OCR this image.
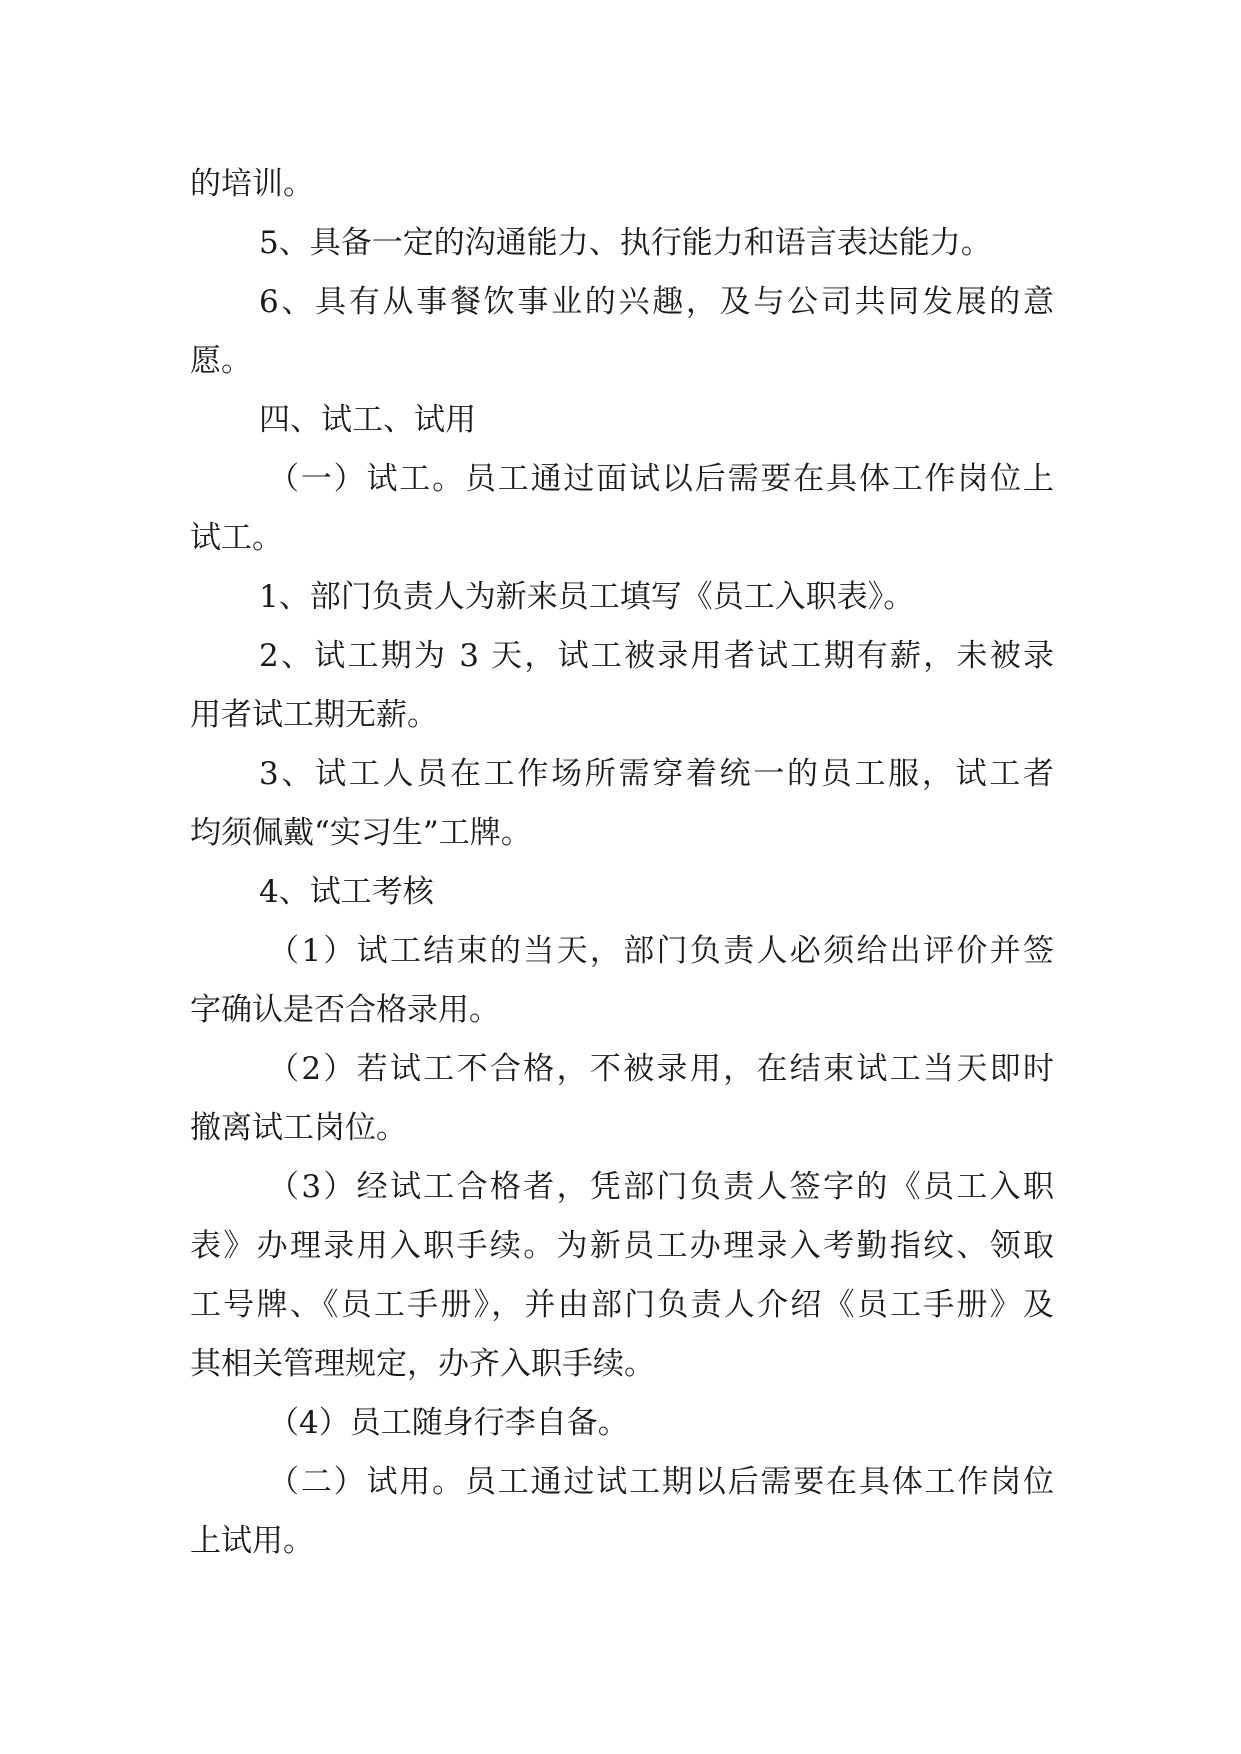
的培训。
5、具备一定的沟通能力、执行能力和语言表达能力。
6、具有从事餐饮事业的兴趣，及与公司共同发展的意
愿。
四、试工、试用
（一）试工。员工通过面试以后需要在具体工作岗位上
试工。
1、部门负责人为新来员工填写《员工入职表》。
2、试工期为 3 天，试工被录用者试工期有薪，未被录
用者试工期无薪。
3、试工人员在工作场所需穿着统一的员工服，试工者
均须佩戴“实习生”工牌。
4、试工考核
（1）试工结束的当天，部门负责人必须给出评价并签
字确认是否合格录用。
（2）若试工不合格，不被录用，在结束试工当天即时
撤离试工岗位。
（3）经试工合格者，凭部门负责人签字的《员工入职
表》办理录用入职手续。为新员工办理录入考勤指纹、领取
工号牌、《员工手册》，并由部门负责人介绍《员工手册》及
其相关管理规定，办齐入职手续。
（4）员工随身行李自备。
（二）试用。员工通过试工期以后需要在具体工作岗位
上试用。
